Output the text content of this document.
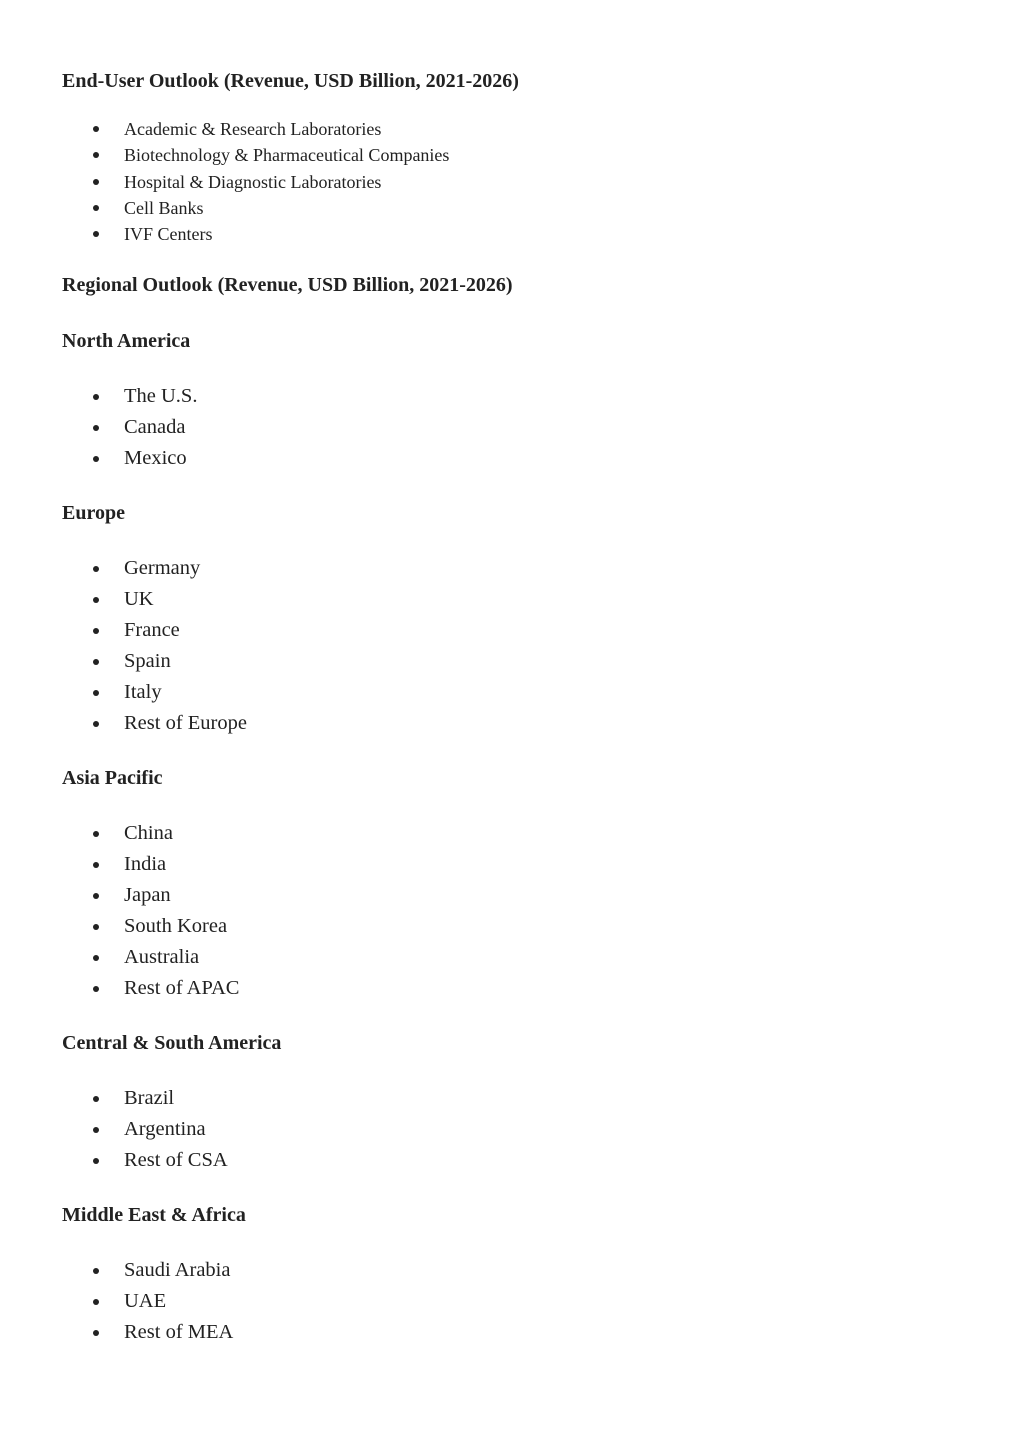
End-User Outlook (Revenue, USD Billion, 2021-2026)
Academic & Research Laboratories
Biotechnology & Pharmaceutical Companies
Hospital & Diagnostic Laboratories
Cell Banks
IVF Centers
Regional Outlook (Revenue, USD Billion, 2021-2026)
North America
The U.S.
Canada
Mexico
Europe
Germany
UK
France
Spain
Italy
Rest of Europe
Asia Pacific
China
India
Japan
South Korea
Australia
Rest of APAC
Central & South America
Brazil
Argentina
Rest of CSA
Middle East & Africa
Saudi Arabia
UAE
Rest of MEA
